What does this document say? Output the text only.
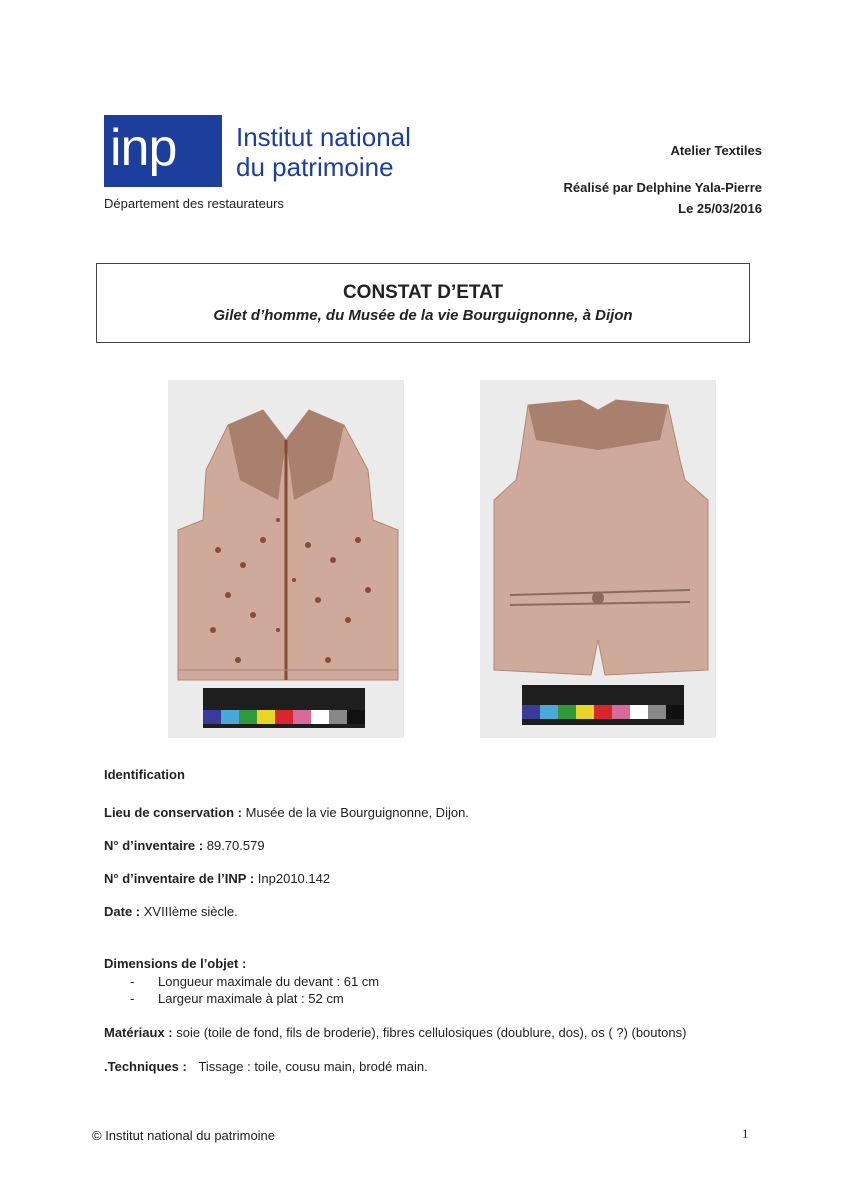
inp Institut national
du patrimoine
Département des restaurateurs
Atelier Textiles
Réalisé par Delphine Yala-Pierre
Le 25/03/2016
CONSTAT D’ETAT
Gilet d’homme, du Musée de la vie Bourguignonne, à Dijon
Identification
Lieu de conservation : Musée de la vie Bourguignonne, Dijon.
N° d’inventaire : 89.70.579
N° d’inventaire de l’INP : Inp2010.142
Date : XVIIIème siècle.
Dimensions de l’objet :
- Longueur maximale du devant : 61 cm
- Largeur maximale à plat : 52 cm
Matériaux : soie (toile de fond, fils de broderie), fibres cellulosiques (doublure, dos), os ( ?) (boutons)
.Techniques : Tissage : toile, cousu main, brodé main.
© Institut national du patrimoine	1
